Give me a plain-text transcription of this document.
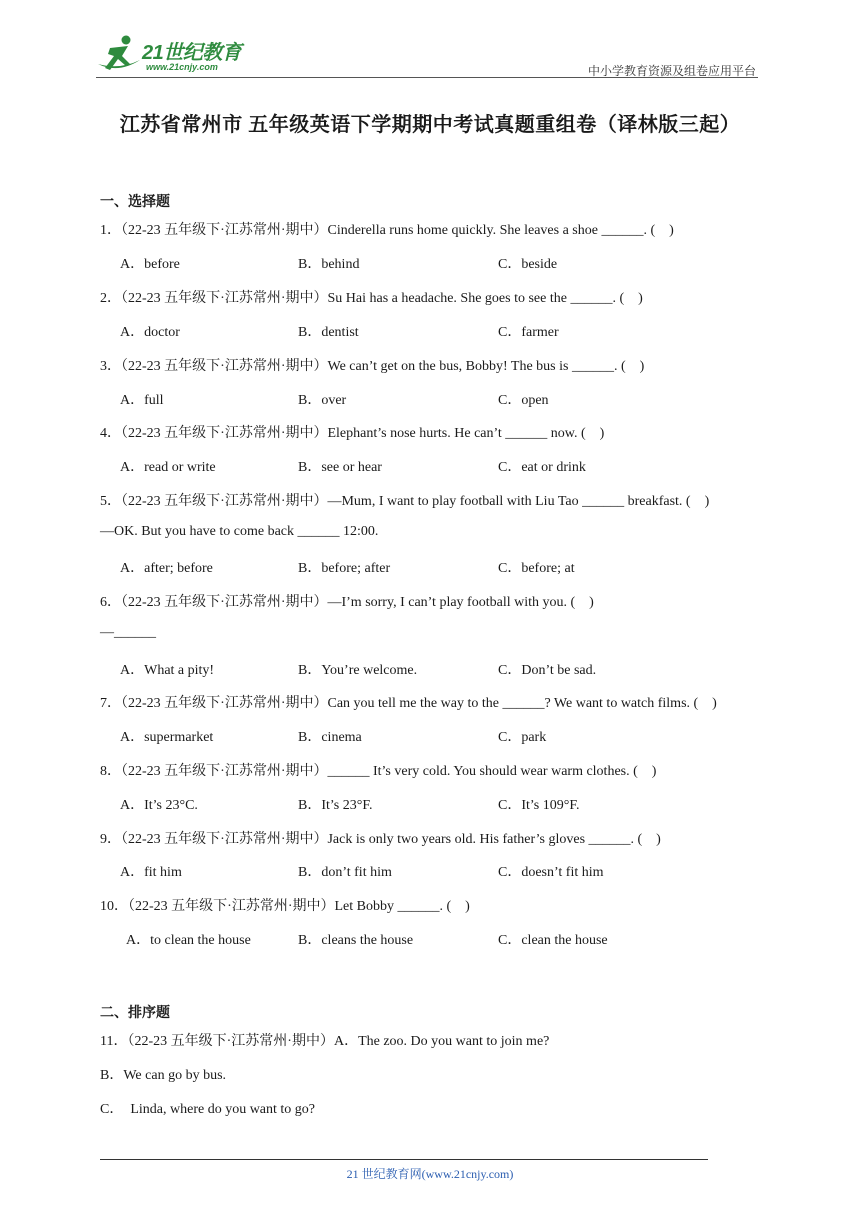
21世纪教育
www.21cnjy.com	中小学教育资源及组卷应用平台
江苏省常州市 五年级英语下学期期中考试真题重组卷（译林版三起）
一、选择题
1．（22-23 五年级下·江苏常州·期中）Cinderella runs home quickly. She leaves a shoe ______. (    )
A．before	B．behind	C．beside
2．（22-23 五年级下·江苏常州·期中）Su Hai has a headache. She goes to see the ______. (    )
A．doctor	B．dentist	C．farmer
3．（22-23 五年级下·江苏常州·期中）We can’t get on the bus, Bobby! The bus is ______. (    )
A．full	B．over	C．open
4．（22-23 五年级下·江苏常州·期中）Elephant’s nose hurts. He can’t ______ now. (    )
A．read or write	B．see or hear	C．eat or drink
5．（22-23 五年级下·江苏常州·期中）—Mum, I want to play football with Liu Tao ______ breakfast. (    )
—OK. But you have to come back ______ 12:00.
A．after; before	B．before; after	C．before; at
6．（22-23 五年级下·江苏常州·期中）—I’m sorry, I can’t play football with you. (    )
—______
A．What a pity!	B．You’re welcome.	C．Don’t be sad.
7．（22-23 五年级下·江苏常州·期中）Can you tell me the way to the ______? We want to watch films. (    )
A．supermarket	B．cinema	C．park
8．（22-23 五年级下·江苏常州·期中）______ It’s very cold. You should wear warm clothes. (    )
A．It’s 23°C.	B．It’s 23°F.	C．It’s 109°F.
9．（22-23 五年级下·江苏常州·期中）Jack is only two years old. His father’s gloves ______. (    )
A．fit him	B．don’t fit him	C．doesn’t fit him
10．（22-23 五年级下·江苏常州·期中）Let Bobby ______. (    )
A．to clean the house	B．cleans the house	C．clean the house
二、排序题
11．（22-23 五年级下·江苏常州·期中）A．The zoo. Do you want to join me?
B．We can go by bus.
C．  Linda, where do you want to go?
21 世纪教育网(www.21cnjy.com)
